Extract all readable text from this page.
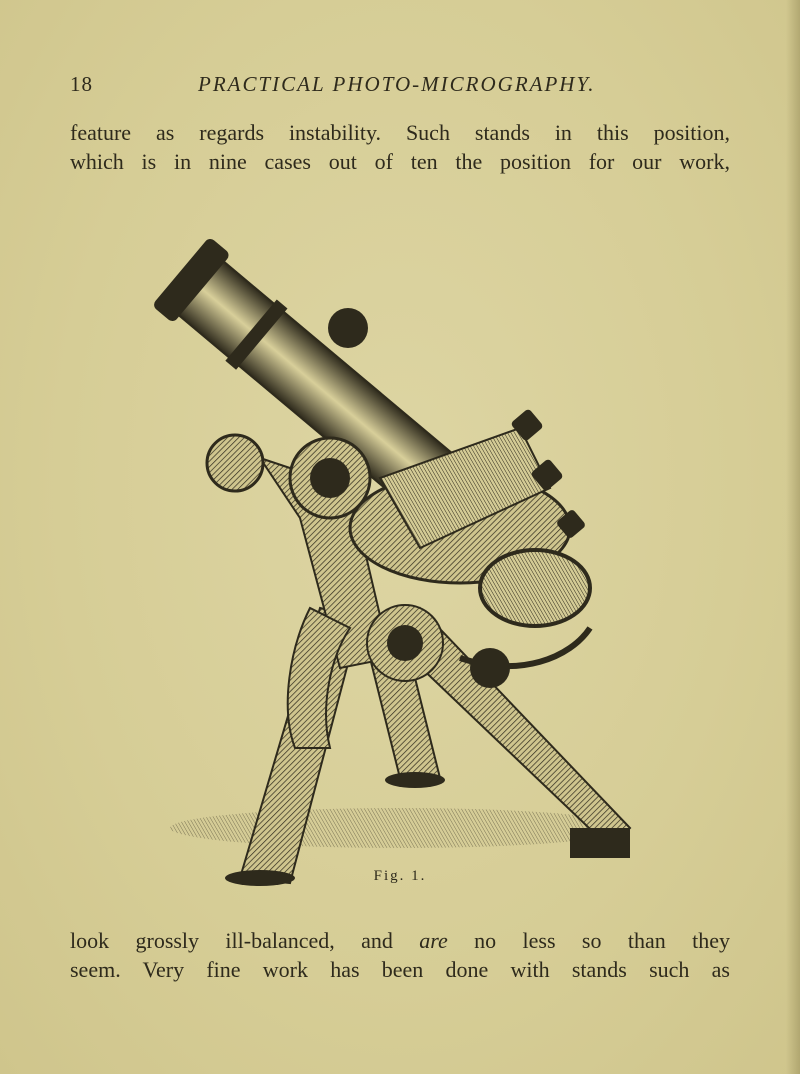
18	PRACTICAL PHOTO-MICROGRAPHY.
feature as regards instability. Such stands in this position,
which is in nine cases out of ten the position for our work,
Fig. 1.
look grossly ill-balanced, and are no less so than they
seem. Very fine work has been done with stands such as
